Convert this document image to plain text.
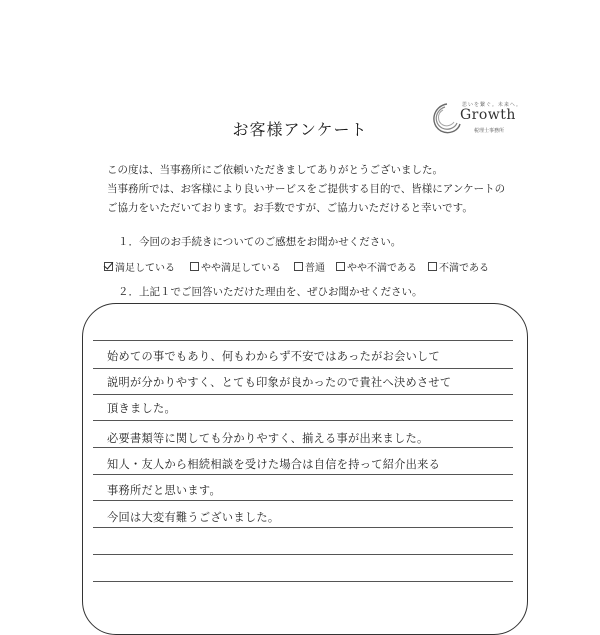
お客様アンケート
思いを繋ぐ。未来へ。
Growth
税理士事務所
この度は、当事務所にご依頼いただきましてありがとうございました。
当事務所では、お客様により良いサービスをご提供する目的で、皆様にアンケートの
ご協力をいただいております。お手数ですが、ご協力いただけると幸いです。
１．今回のお手続きについてのご感想をお聞かせください。
満足している	やや満足している 普通 やや不満である 不満である
２．上記１でご回答いただけた理由を、ぜひお聞かせください。
始めての事でもあり、何もわからず不安ではあったがお会いして
説明が分かりやすく、とても印象が良かったので貴社へ決めさせて
頂きました。
必要書類等に関しても分かりやすく、揃える事が出来ました。
知人・友人から相続相談を受けた場合は自信を持って紹介出来る
事務所だと思います。
今回は大変有難うございました。
